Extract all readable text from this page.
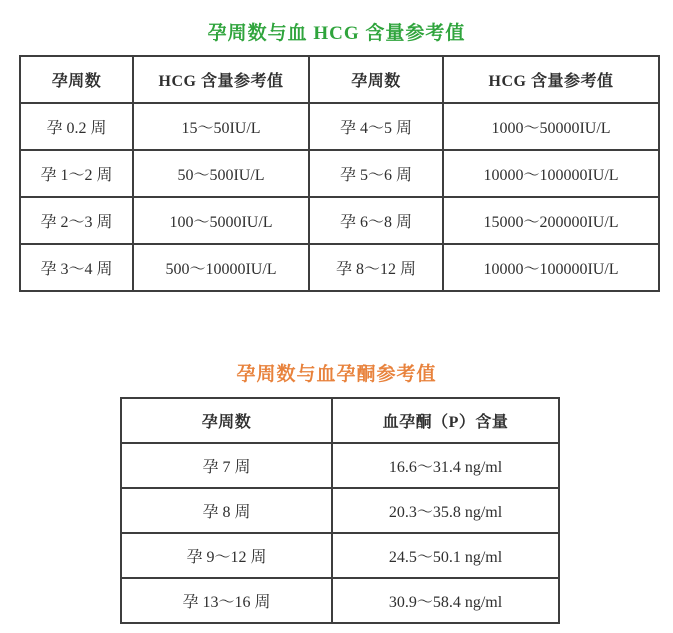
孕周数与血 HCG 含量参考值
孕周数	HCG 含量参考值	孕周数	HCG 含量参考值
孕 0.2 周	15～50IU/L	孕 4～5 周	1000～50000IU/L
孕 1～2 周	50～500IU/L	孕 5～6 周	10000～100000IU/L
孕 2～3 周	100～5000IU/L	孕 6～8 周	15000～200000IU/L
孕 3～4 周	500～10000IU/L	孕 8～12 周	10000～100000IU/L
孕周数与血孕酮参考值
孕周数	血孕酮（P）含量
孕 7 周	16.6～31.4 ng/ml
孕 8 周	20.3～35.8 ng/ml
孕 9～12 周	24.5～50.1 ng/ml
孕 13～16 周	30.9～58.4 ng/ml
